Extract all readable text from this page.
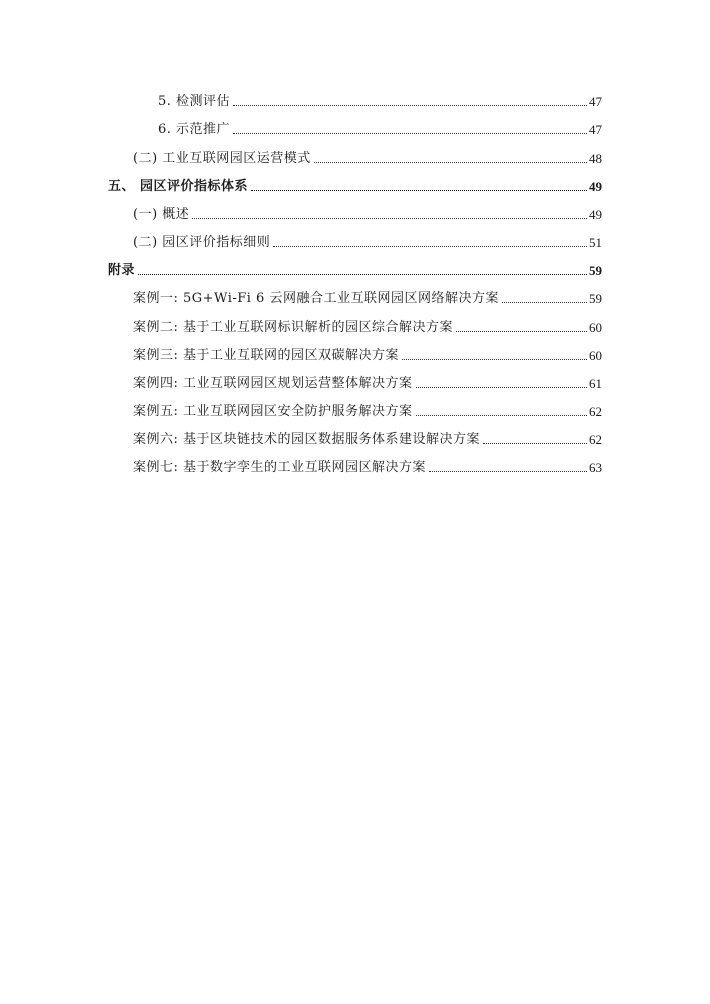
5. 检测评估	47
6. 示范推广	47
(二) 工业互联网园区运营模式	48
五、 园区评价指标体系	49
(一) 概述	49
(二) 园区评价指标细则	51
附录	59
案例一: 5G+Wi-Fi 6 云网融合工业互联网园区网络解决方案	59
案例二: 基于工业互联网标识解析的园区综合解决方案	60
案例三: 基于工业互联网的园区双碳解决方案	60
案例四: 工业互联网园区规划运营整体解决方案	61
案例五: 工业互联网园区安全防护服务解决方案	62
案例六: 基于区块链技术的园区数据服务体系建设解决方案	62
案例七: 基于数字孪生的工业互联网园区解决方案	63
